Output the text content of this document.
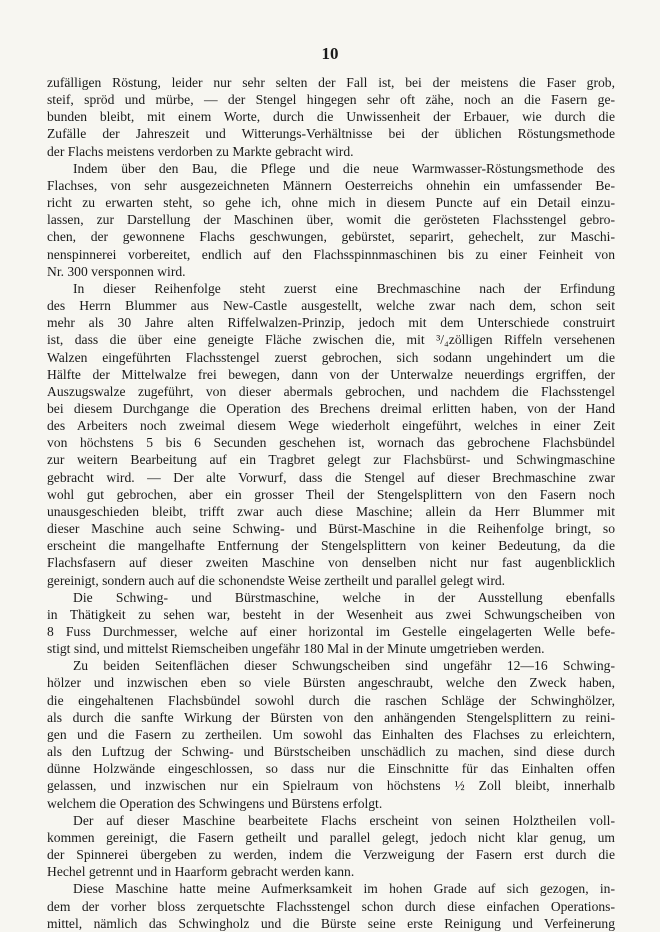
10
zufälligen Röstung, leider nur sehr selten der Fall ist, bei der meistens die Faser grob,
steif, spröd und mürbe, — der Stengel hingegen sehr oft zähe, noch an die Fasern ge-
bunden bleibt, mit einem Worte, durch die Unwissenheit der Erbauer, wie durch die
Zufälle der Jahreszeit und Witterungs-Verhältnisse bei der üblichen Röstungsmethode
der Flachs meistens verdorben zu Markte gebracht wird.
Indem über den Bau, die Pflege und die neue Warmwasser-Röstungsmethode des
Flachses, von sehr ausgezeichneten Männern Oesterreichs ohnehin ein umfassender Be-
richt zu erwarten steht, so gehe ich, ohne mich in diesem Puncte auf ein Detail einzu-
lassen, zur Darstellung der Maschinen über, womit die gerösteten Flachsstengel gebro-
chen, der gewonnene Flachs geschwungen, gebürstet, separirt, gehechelt, zur Maschi-
nenspinnerei vorbereitet, endlich auf den Flachsspinnmaschinen bis zu einer Feinheit von
Nr. 300 versponnen wird.
In dieser Reihenfolge steht zuerst eine Brechmaschine nach der Erfindung
des Herrn Blummer aus New-Castle ausgestellt, welche zwar nach dem, schon seit
mehr als 30 Jahre alten Riffelwalzen-Prinzip, jedoch mit dem Unterschiede construirt
ist, dass die über eine geneigte Fläche zwischen die, mit ³/₄zölligen Riffeln versehenen
Walzen eingeführten Flachsstengel zuerst gebrochen, sich sodann ungehindert um die
Hälfte der Mittelwalze frei bewegen, dann von der Unterwalze neuerdings ergriffen, der
Auszugswalze zugeführt, von dieser abermals gebrochen, und nachdem die Flachsstengel
bei diesem Durchgange die Operation des Brechens dreimal erlitten haben, von der Hand
des Arbeiters noch zweimal diesem Wege wiederholt eingeführt, welches in einer Zeit
von höchstens 5 bis 6 Secunden geschehen ist, wornach das gebrochene Flachsbündel
zur weitern Bearbeitung auf ein Tragbret gelegt zur Flachsbürst- und Schwingmaschine
gebracht wird. — Der alte Vorwurf, dass die Stengel auf dieser Brechmaschine zwar
wohl gut gebrochen, aber ein grosser Theil der Stengelsplittern von den Fasern noch
unausgeschieden bleibt, trifft zwar auch diese Maschine; allein da Herr Blummer mit
dieser Maschine auch seine Schwing- und Bürst-Maschine in die Reihenfolge bringt, so
erscheint die mangelhafte Entfernung der Stengelsplittern von keiner Bedeutung, da die
Flachsfasern auf dieser zweiten Maschine von denselben nicht nur fast augenblicklich
gereinigt, sondern auch auf die schonendste Weise zertheilt und parallel gelegt wird.
Die Schwing- und Bürstmaschine, welche in der Ausstellung ebenfalls
in Thätigkeit zu sehen war, besteht in der Wesenheit aus zwei Schwungscheiben von
8 Fuss Durchmesser, welche auf einer horizontal im Gestelle eingelagerten Welle befe-
stigt sind, und mittelst Riemscheiben ungefähr 180 Mal in der Minute umgetrieben werden.
Zu beiden Seitenflächen dieser Schwungscheiben sind ungefähr 12—16 Schwing-
hölzer und inzwischen eben so viele Bürsten angeschraubt, welche den Zweck haben,
die eingehaltenen Flachsbündel sowohl durch die raschen Schläge der Schwinghölzer,
als durch die sanfte Wirkung der Bürsten von den anhängenden Stengelsplittern zu reini-
gen und die Fasern zu zertheilen. Um sowohl das Einhalten des Flachses zu erleichtern,
als den Luftzug der Schwing- und Bürstscheiben unschädlich zu machen, sind diese durch
dünne Holzwände eingeschlossen, so dass nur die Einschnitte für das Einhalten offen
gelassen, und inzwischen nur ein Spielraum von höchstens ½ Zoll bleibt, innerhalb
welchem die Operation des Schwingens und Bürstens erfolgt.
Der auf dieser Maschine bearbeitete Flachs erscheint von seinen Holztheilen voll-
kommen gereinigt, die Fasern getheilt und parallel gelegt, jedoch nicht klar genug, um
der Spinnerei übergeben zu werden, indem die Verzweigung der Fasern erst durch die
Hechel getrennt und in Haarform gebracht werden kann.
Diese Maschine hatte meine Aufmerksamkeit im hohen Grade auf sich gezogen, in-
dem der vorher bloss zerquetschte Flachsstengel schon durch diese einfachen Operations-
mittel, nämlich das Schwingholz und die Bürste seine erste Reinigung und Verfeinerung
